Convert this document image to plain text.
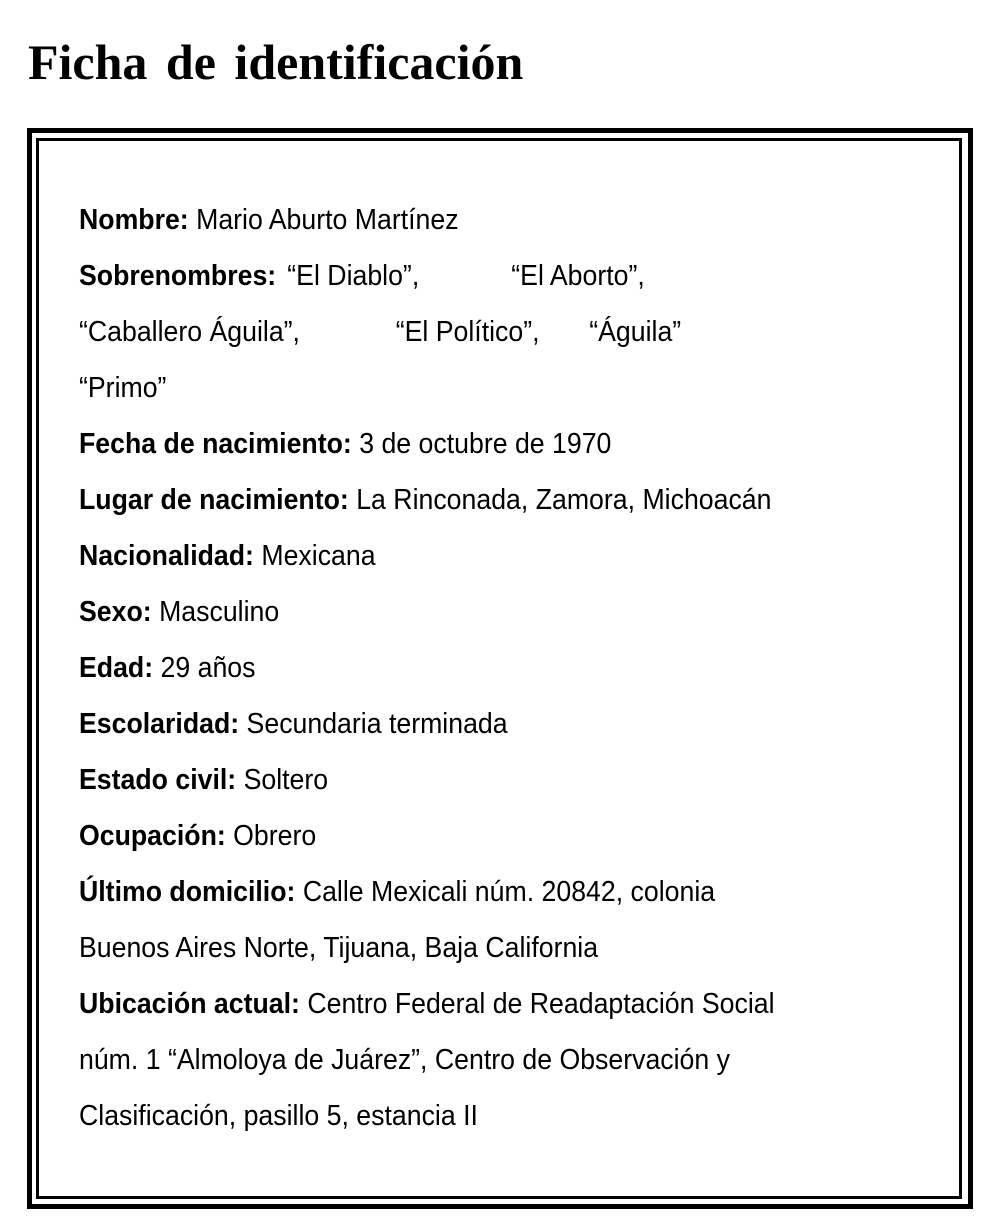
Ficha de identificación

Nombre: Mario Aburto Martínez

Sobrenombres: “El Diablo”,	“El Aborto”,

“Caballero Águila”,	“El Político”, “Águila”

“Primo”

Fecha de nacimiento: 3 de octubre de 1970

Lugar de nacimiento: La Rinconada, Zamora, Michoacán

Nacionalidad: Mexicana

Sexo: Masculino

Edad: 29 años

Escolaridad: Secundaria terminada

Estado civil: Soltero

Ocupación: Obrero

Último domicilio: Calle Mexicali núm. 20842, colonia

Buenos Aires Norte, Tijuana, Baja California

Ubicación actual: Centro Federal de Readaptación Social

núm. 1 “Almoloya de Juárez”, Centro de Observación y

Clasificación, pasillo 5, estancia II
